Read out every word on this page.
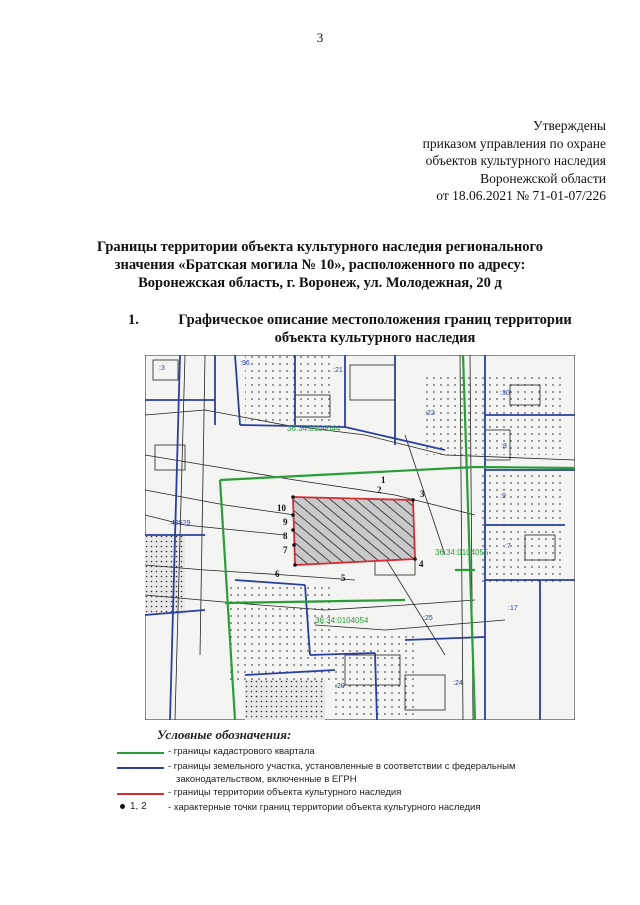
3
Утверждены
приказом управления по охране
объектов культурного наследия
Воронежской области
от 18.06.2021 № 71-01-07/226
Границы территории объекта культурного наследия регионального
значения «Братская могила № 10», расположенного по адресу:
Воронежская область, г. Воронеж, ул. Молодежная, 20 д
1.	Графическое описание местоположения границ территории
объекта культурного наследия
1
2	3
4
5
6
7
8
9
10
:3
:96
:21
:22
:30
:8
:9
:7
:17
:25
:24
:20
:42529
36:34:0104044
36:34:0104055
36:34:0104054
Условные обозначения:
- границы кадастрового квартала
- границы земельного участка, установленные в соответствии с федеральным
законодательством, включенные в ЕГРН
- границы территории объекта культурного наследия
1, 2 - характерные точки границ территории объекта культурного наследия
